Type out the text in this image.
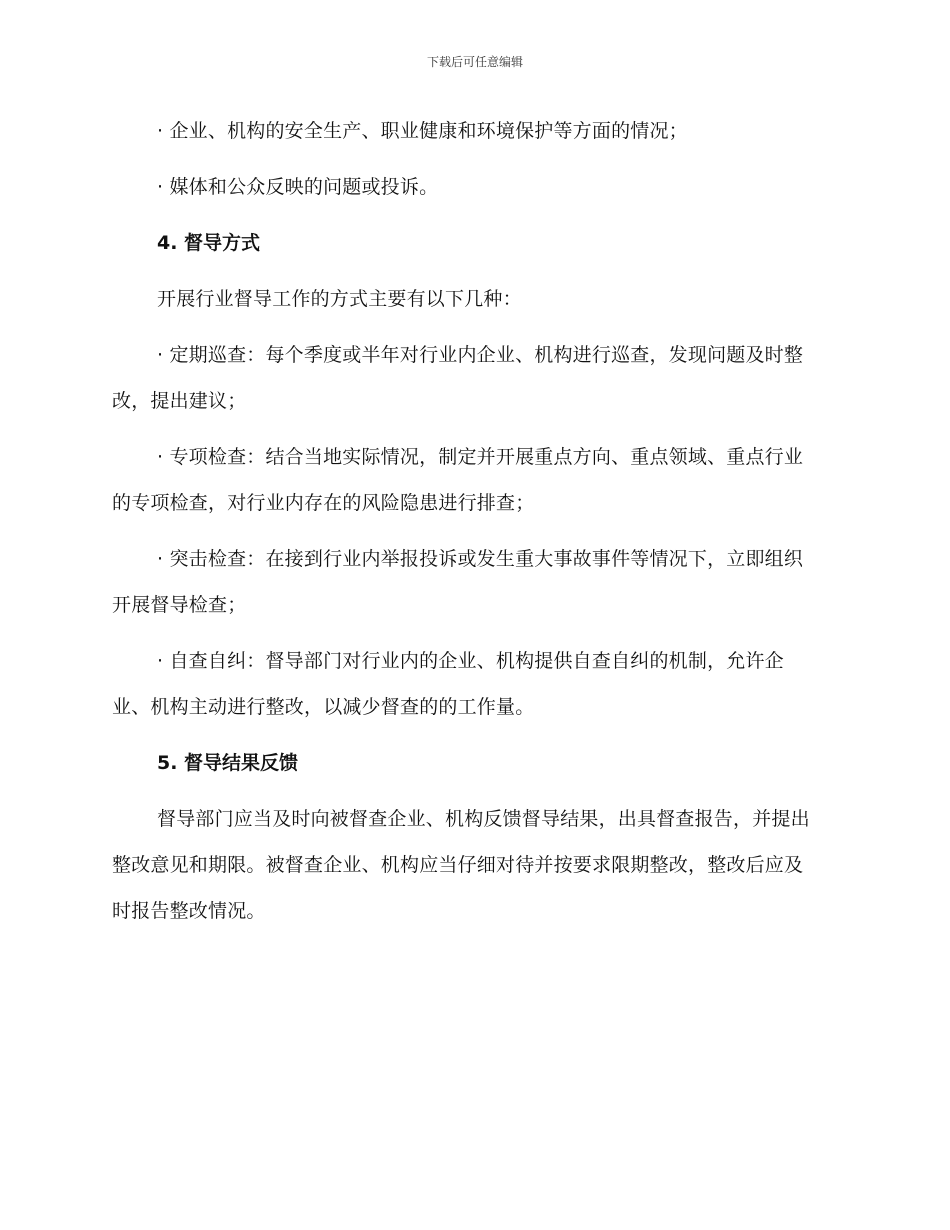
下载后可任意编辑

· 企业、机构的安全生产、职业健康和环境保护等方面的情况；

· 媒体和公众反映的问题或投诉。

4. 督导方式

开展行业督导工作的方式主要有以下几种：

· 定期巡查：每个季度或半年对行业内企业、机构进行巡查，发现问题及时整改，提出建议；

· 专项检查：结合当地实际情况，制定并开展重点方向、重点领域、重点行业的专项检查，对行业内存在的风险隐患进行排查；

· 突击检查：在接到行业内举报投诉或发生重大事故事件等情况下，立即组织开展督导检查；

· 自查自纠：督导部门对行业内的企业、机构提供自查自纠的机制，允许企业、机构主动进行整改，以减少督查的的工作量。

5. 督导结果反馈

督导部门应当及时向被督查企业、机构反馈督导结果，出具督查报告，并提出整改意见和期限。被督查企业、机构应当仔细对待并按要求限期整改，整改后应及时报告整改情况。
